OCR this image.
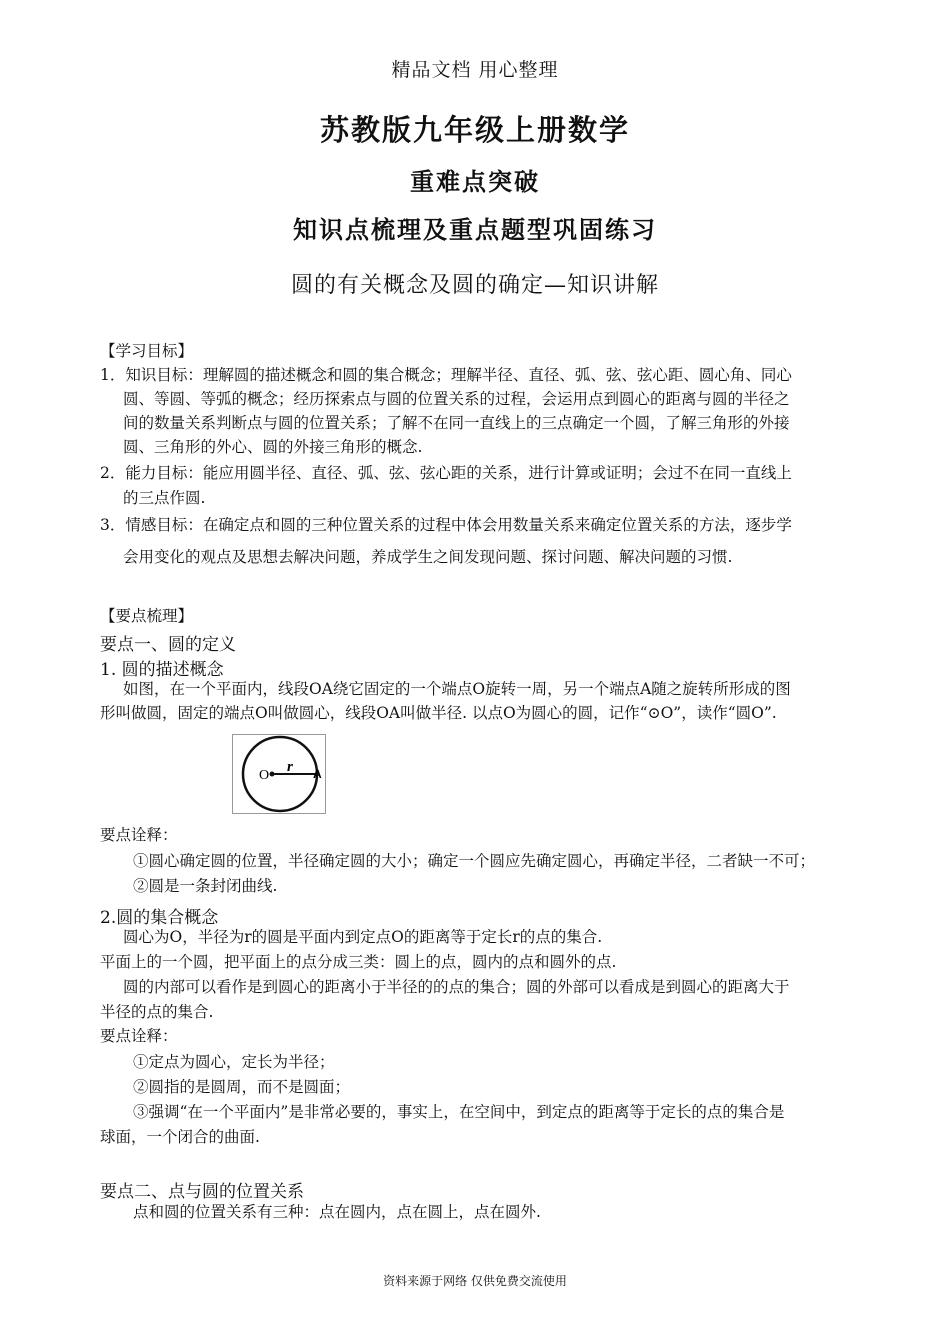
精品文档 用心整理
苏教版九年级上册数学
重难点突破
知识点梳理及重点题型巩固练习
圆的有关概念及圆的确定—知识讲解
【学习目标】
1．知识目标：理解圆的描述概念和圆的集合概念；理解半径、直径、弧、弦、弦心距、圆心角、同心
圆、等圆、等弧的概念；经历探索点与圆的位置关系的过程，会运用点到圆心的距离与圆的半径之
间的数量关系判断点与圆的位置关系；了解不在同一直线上的三点确定一个圆，了解三角形的外接
圆、三角形的外心、圆的外接三角形的概念.
2．能力目标：能应用圆半径、直径、弧、弦、弦心距的关系，进行计算或证明；会过不在同一直线上
的三点作圆.
3．情感目标：在确定点和圆的三种位置关系的过程中体会用数量关系来确定位置关系的方法，逐步学
会用变化的观点及思想去解决问题，养成学生之间发现问题、探讨问题、解决问题的习惯.
【要点梳理】
要点一、圆的定义
1. 圆的描述概念
如图，在一个平面内，线段OA绕它固定的一个端点O旋转一周，另一个端点A随之旋转所形成的图
形叫做圆，固定的端点O叫做圆心，线段OA叫做半径. 以点O为圆心的圆，记作“⊙O”，读作“圆O”.
O
r A
要点诠释：
①圆心确定圆的位置，半径确定圆的大小；确定一个圆应先确定圆心，再确定半径，二者缺一不可；
②圆是一条封闭曲线.
2.圆的集合概念
圆心为O，半径为r的圆是平面内到定点O的距离等于定长r的点的集合.
平面上的一个圆，把平面上的点分成三类：圆上的点，圆内的点和圆外的点.
圆的内部可以看作是到圆心的距离小于半径的的点的集合；圆的外部可以看成是到圆心的距离大于
半径的点的集合.
要点诠释：
①定点为圆心，定长为半径；
②圆指的是圆周，而不是圆面；
③强调“在一个平面内”是非常必要的，事实上，在空间中，到定点的距离等于定长的点的集合是
球面，一个闭合的曲面.
要点二、点与圆的位置关系
点和圆的位置关系有三种：点在圆内，点在圆上，点在圆外.
资料来源于网络 仅供免费交流使用
